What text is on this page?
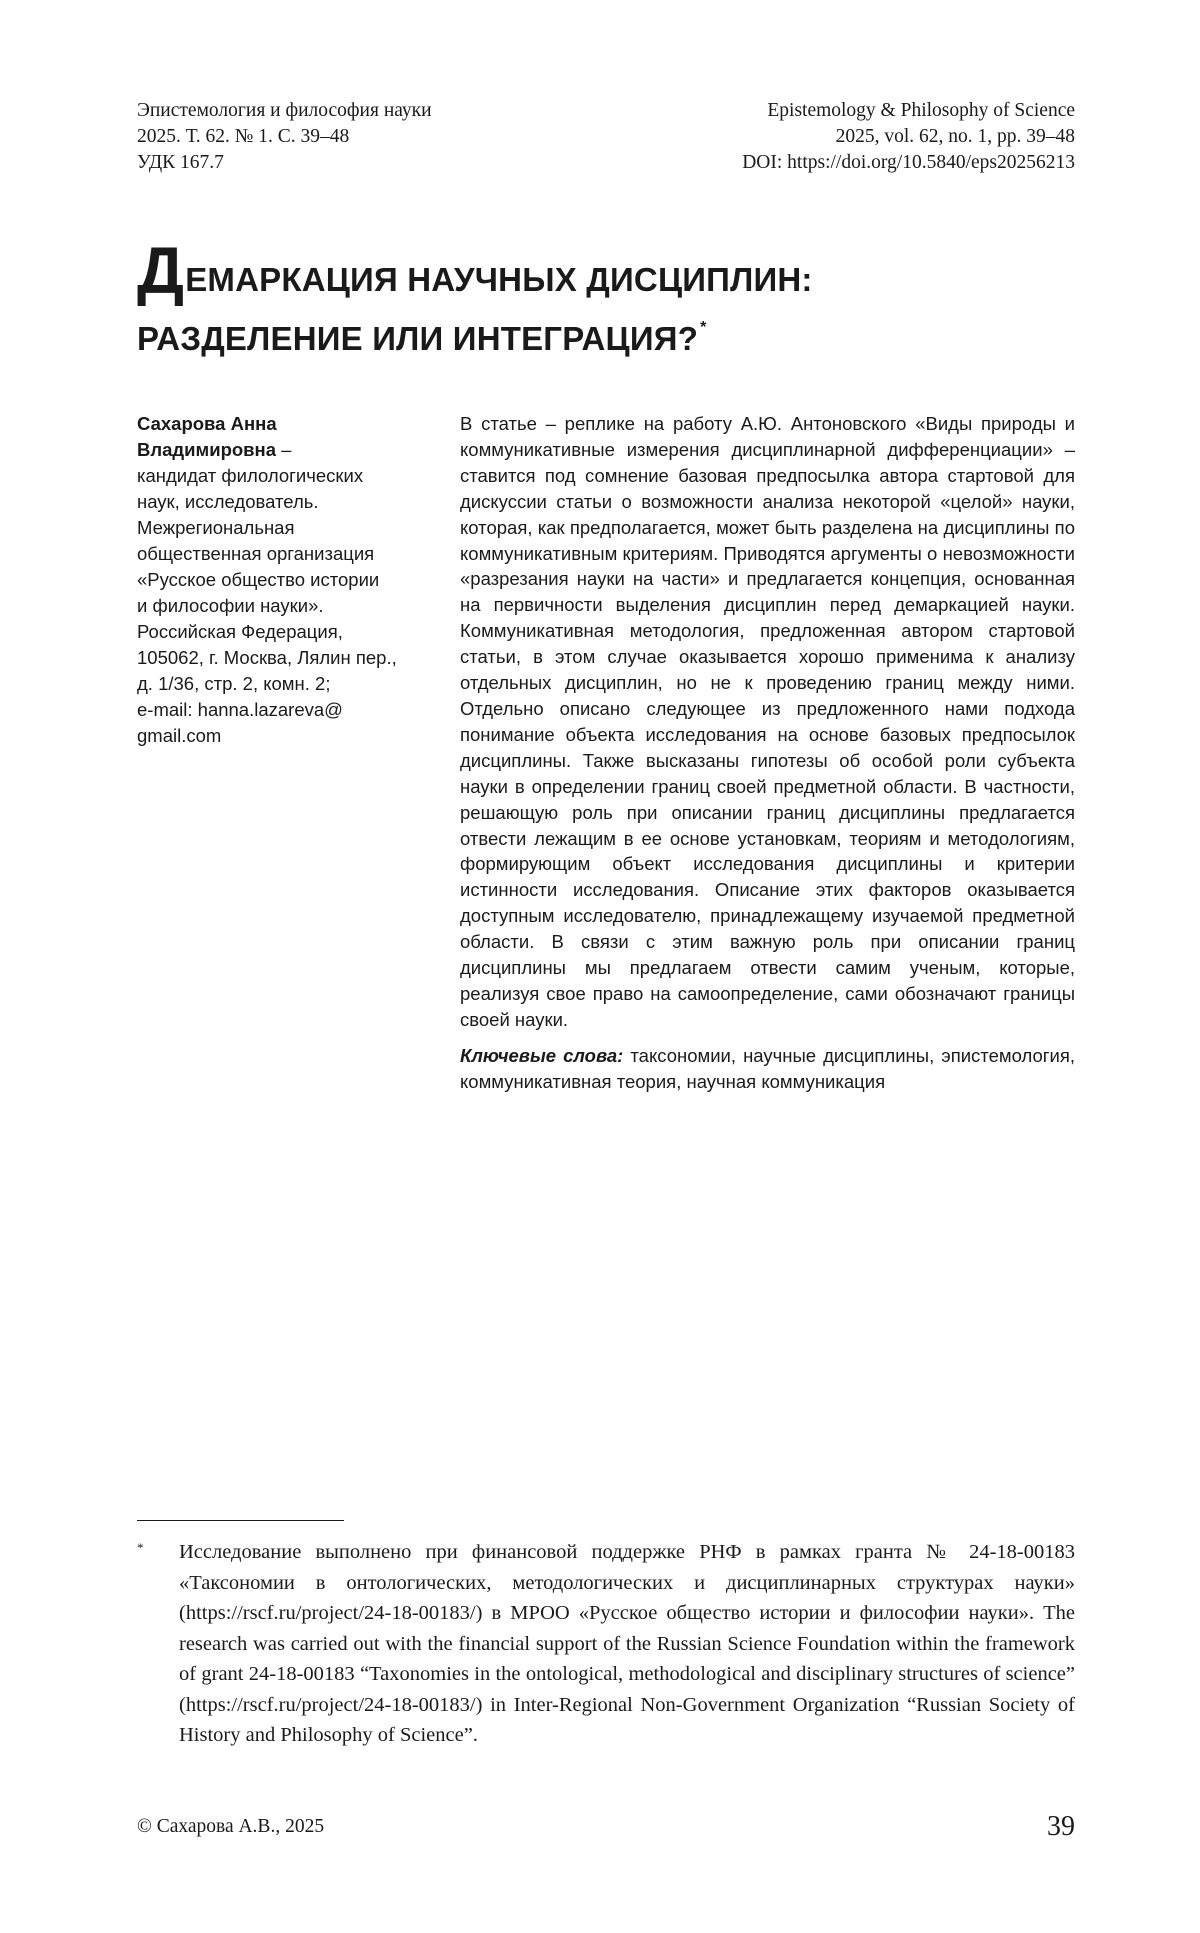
Эпистемология и философия науки
2025. Т. 62. № 1. С. 39–48
УДК 167.7
Epistemology & Philosophy of Science
2025, vol. 62, no. 1, pp. 39–48
DOI: https://doi.org/10.5840/eps20256213
ДЕМАРКАЦИЯ НАУЧНЫХ ДИСЦИПЛИН:
РАЗДЕЛЕНИЕ ИЛИ ИНТЕГРАЦИЯ? *
Сахарова Анна
Владимировна –
кандидат филологических
наук, исследователь.
Межрегиональная
общественная организация
«Русское общество истории
и философии науки».
Российская Федерация,
105062, г. Москва, Лялин пер.,
д. 1/36, стр. 2, комн. 2;
e-mail: hanna.lazareva@
gmail.com

В статье – реплике на работу А.Ю. Антоновского «Виды природы и коммуникативные измерения дисциплинарной дифференциации» – ставится под сомнение базовая предпосылка автора стартовой для дискуссии статьи о возможности анализа некоторой «целой» науки, которая, как предполагается, может быть разделена на дисциплины по коммуникативным критериям. Приводятся аргументы о невозможности «разрезания науки на части» и предлагается концепция, основанная на первичности выделения дисциплин перед демаркацией науки. Коммуникативная методология, предложенная автором стартовой статьи, в этом случае оказывается хорошо применима к анализу отдельных дисциплин, но не к проведению границ между ними. Отдельно описано следующее из предложенного нами подхода понимание объекта исследования на основе базовых предпосылок дисциплины. Также высказаны гипотезы об особой роли субъекта науки в определении границ своей предметной области. В частности, решающую роль при описании границ дисциплины предлагается отвести лежащим в ее основе установкам, теориям и методологиям, формирующим объект исследования дисциплины и критерии истинности исследования. Описание этих факторов оказывается доступным исследователю, принадлежащему изучаемой предметной области. В связи с этим важную роль при описании границ дисциплины мы предлагаем отвести самим ученым, которые, реализуя свое право на самоопределение, сами обозначают границы своей науки.

Ключевые слова: таксономии, научные дисциплины, эпистемология, коммуникативная теория, научная коммуникация

* Исследование выполнено при финансовой поддержке РНФ в рамках гранта № 24-18-00183 «Таксономии в онтологических, методологических и дисциплинарных структурах науки» (https://rscf.ru/project/24-18-00183/) в МРОО «Русское общество истории и философии науки». The research was carried out with the financial support of the Russian Science Foundation within the framework of grant 24-18-00183 “Taxonomies in the ontological, methodological and disciplinary structures of science” (https://rscf.ru/project/24-18-00183/) in Inter-Regional Non-Government Organization “Russian Society of History and Philosophy of Science”.
© Сахарова А.В., 2025	39
